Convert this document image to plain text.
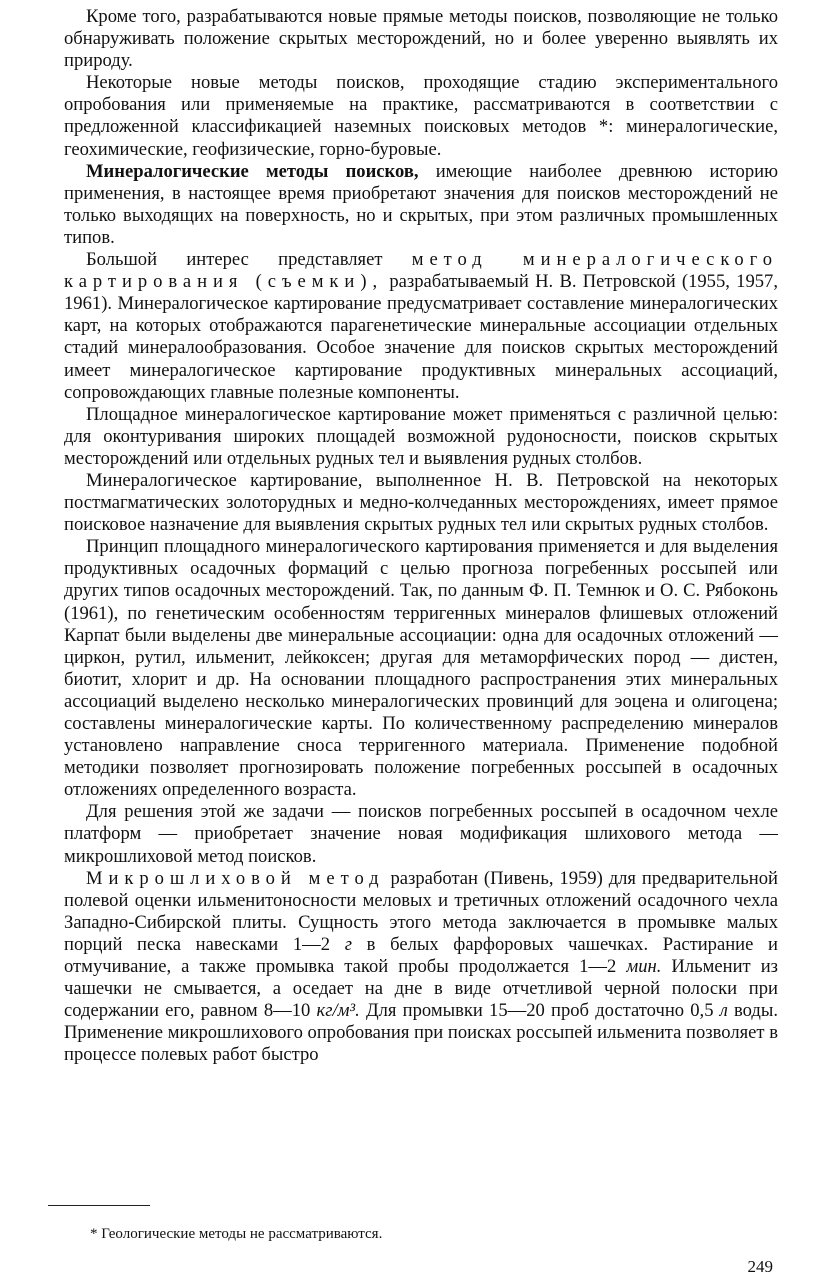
Кроме того, разрабатываются новые прямые методы поисков, позволяющие не только обнаруживать положение скрытых месторождений, но и более уверенно выявлять их природу.

Некоторые новые методы поисков, проходящие стадию экспериментального опробования или применяемые на практике, рассматриваются в соответствии с предложенной классификацией наземных поисковых методов *: минералогические, геохимические, геофизические, горно-буровые.

Минералогические методы поисков, имеющие наиболее древнюю историю применения, в настоящее время приобретают значения для поисков месторождений не только выходящих на поверхность, но и скрытых, при этом различных промышленных типов.

Большой интерес представляет метод минералогического картирования (съемки), разрабатываемый Н. В. Петровской (1955, 1957, 1961). Минералогическое картирование предусматривает составление минералогических карт, на которых отображаются парагенетические минеральные ассоциации отдельных стадий минералообразования. Особое значение для поисков скрытых месторождений имеет минералогическое картирование продуктивных минеральных ассоциаций, сопровождающих главные полезные компоненты.

Площадное минералогическое картирование может применяться с различной целью: для оконтуривания широких площадей возможной рудоносности, поисков скрытых месторождений или отдельных рудных тел и выявления рудных столбов.

Минералогическое картирование, выполненное Н. В. Петровской на некоторых постмагматических золоторудных и медно-колчеданных месторождениях, имеет прямое поисковое назначение для выявления скрытых рудных тел или скрытых рудных столбов.

Принцип площадного минералогического картирования применяется и для выделения продуктивных осадочных формаций с целью прогноза погребенных россыпей или других типов осадочных месторождений. Так, по данным Ф. П. Темнюк и О. С. Рябоконь (1961), по генетическим особенностям терригенных минералов флишевых отложений Карпат были выделены две минеральные ассоциации: одна для осадочных отложений — циркон, рутил, ильменит, лейкоксен; другая для метаморфических пород — дистен, биотит, хлорит и др. На основании площадного распространения этих минеральных ассоциаций выделено несколько минералогических провинций для эоцена и олигоцена; составлены минералогические карты. По количественному распределению минералов установлено направление сноса терригенного материала. Применение подобной методики позволяет прогнозировать положение погребенных россыпей в осадочных отложениях определенного возраста.

Для решения этой же задачи — поисков погребенных россыпей в осадочном чехле платформ — приобретает значение новая модификация шлихового метода — микрошлиховой метод поисков.

Микрошлиховой метод разработан (Пивень, 1959) для предварительной полевой оценки ильменитоносности меловых и третичных отложений осадочного чехла Западно-Сибирской плиты. Сущность этого метода заключается в промывке малых порций песка навесками 1—2 г в белых фарфоровых чашечках. Растирание и отмучивание, а также промывка такой пробы продолжается 1—2 мин. Ильменит из чашечки не смывается, а оседает на дне в виде отчетливой черной полоски при содержании его, равном 8—10 кг/м³. Для промывки 15—20 проб достаточно 0,5 л воды. Применение микрошлихового опробования при поисках россыпей ильменита позволяет в процессе полевых работ быстро

* Геологические методы не рассматриваются.
249
